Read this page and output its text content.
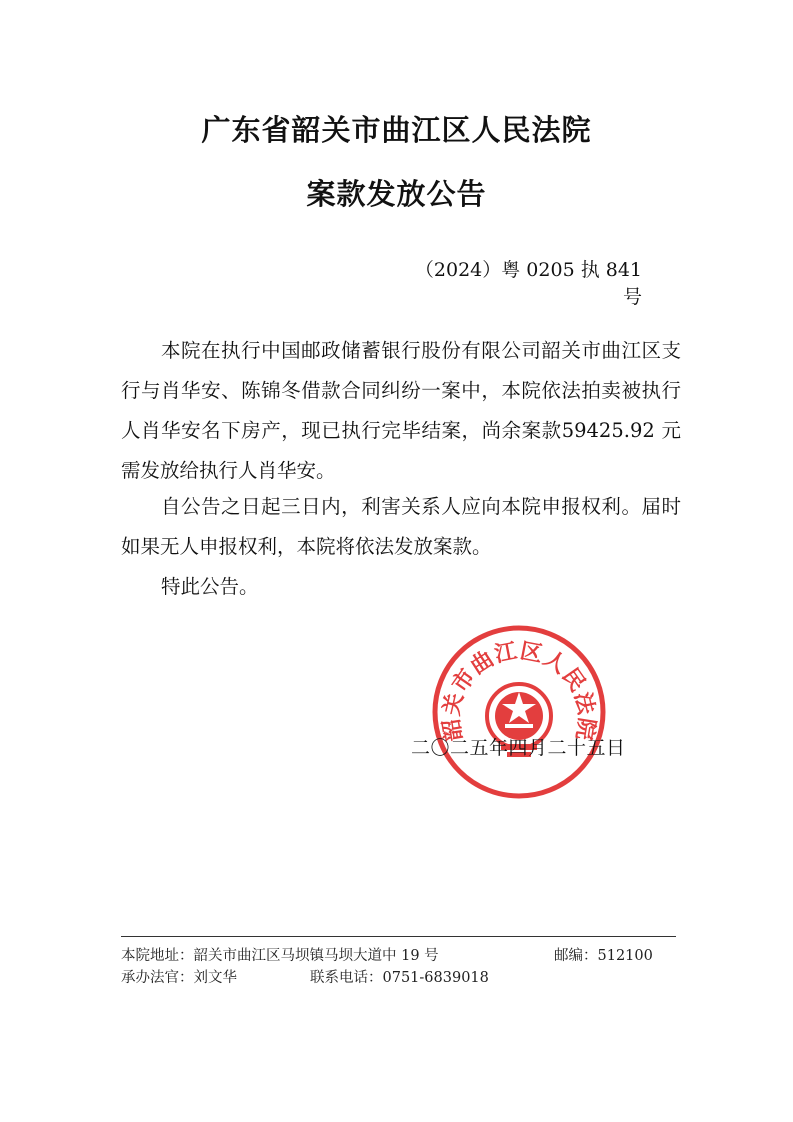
广东省韶关市曲江区人民法院
案款发放公告
（2024）粤 0205 执 841 号
本院在执行中国邮政储蓄银行股份有限公司韶关市曲江区支行与肖华安、陈锦冬借款合同纠纷一案中，本院依法拍卖被执行人肖华安名下房产，现已执行完毕结案，尚余案款59425.92 元需发放给执行人肖华安。
自公告之日起三日内，利害关系人应向本院申报权利。届时如果无人申报权利，本院将依法发放案款。
特此公告。
韶关市曲江区人民法院
二〇二五年四月二十五日
本院地址：韶关市曲江区马坝镇马坝大道中 19 号	邮编：512100
承办法官：刘文华	联系电话：0751-6839018
